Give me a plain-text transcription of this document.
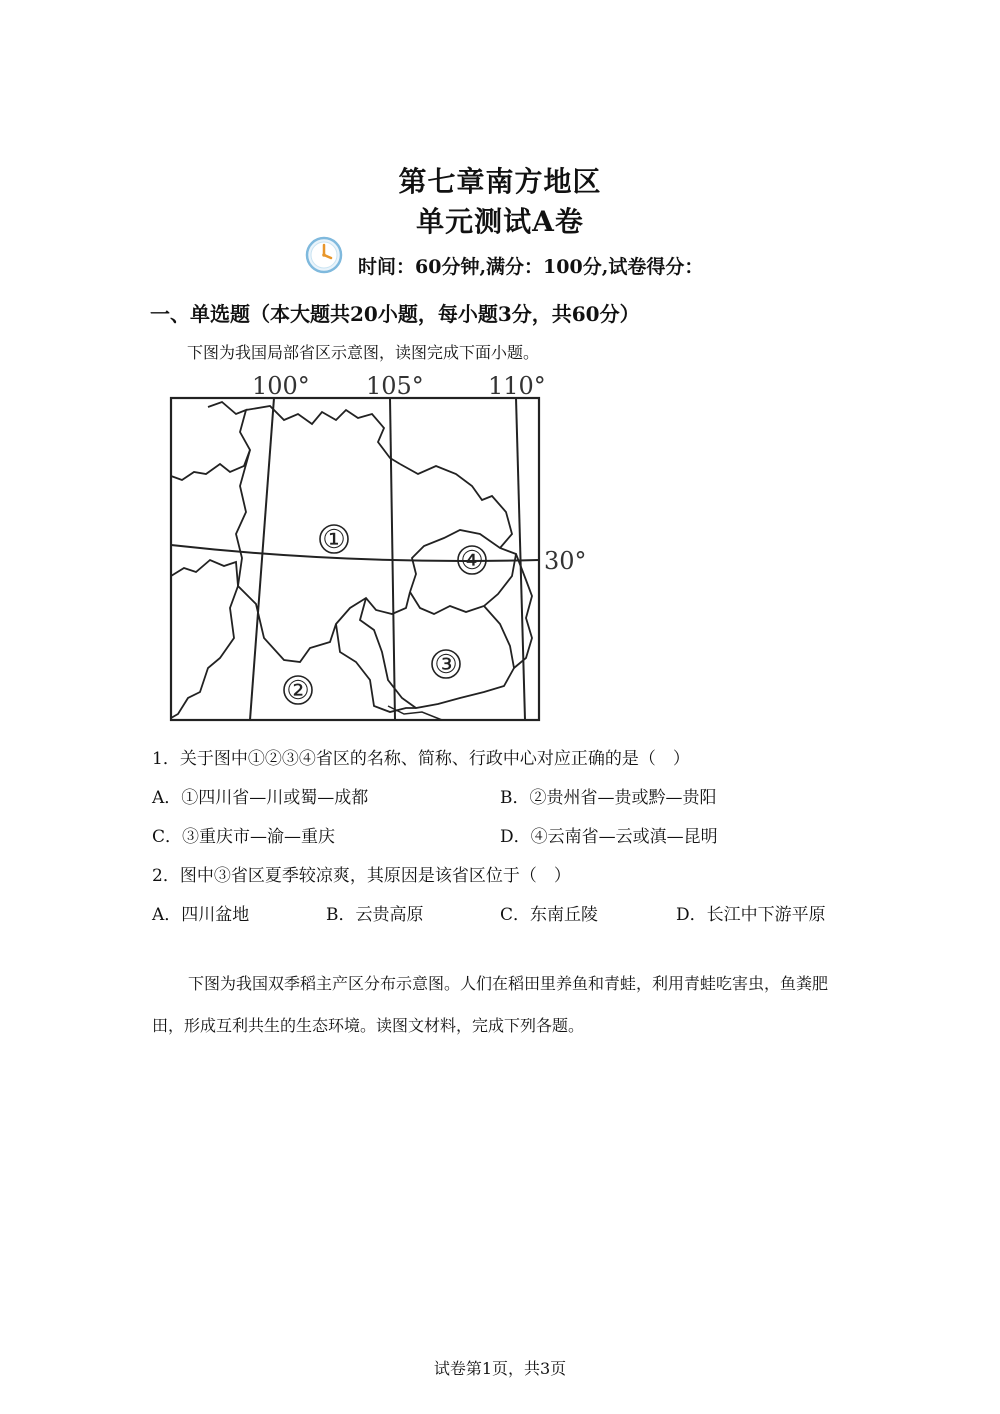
第七章南方地区
单元测试A卷
时间：60分钟,满分：100分,试卷得分：
一、单选题（本大题共20小题，每小题3分，共60分）
下图为我国局部省区示意图，读图完成下面小题。
①
②
③
④
100° 105°	110°
30°
1．关于图中①②③④省区的名称、简称、行政中心对应正确的是（　）
A．①四川省—川或蜀—成都	B．②贵州省—贵或黔—贵阳
C．③重庆市—渝—重庆	D．④云南省—云或滇—昆明
2．图中③省区夏季较凉爽，其原因是该省区位于（　）
A．四川盆地	B．云贵高原	C．东南丘陵	D．长江中下游平原
下图为我国双季稻主产区分布示意图。人们在稻田里养鱼和青蛙，利用青蛙吃害虫，鱼粪肥田，形成互利共生的生态环境。读图文材料，完成下列各题。
试卷第1页，共3页
